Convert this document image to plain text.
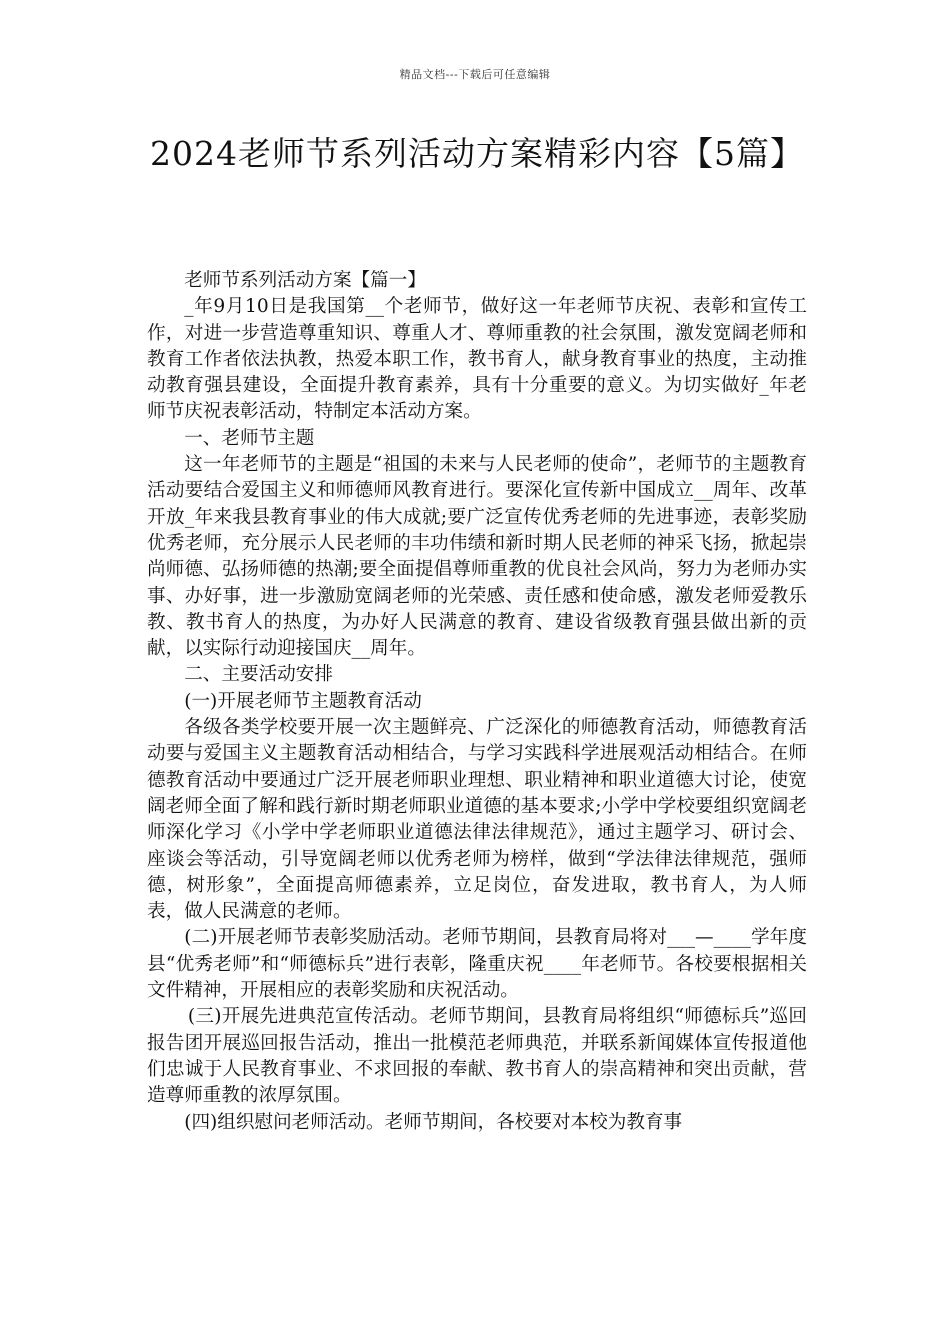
精品文档---下载后可任意编辑
2024老师节系列活动方案精彩内容【5篇】

老师节系列活动方案【篇一】

_年9月10日是我国第__个老师节，做好这一年老师节庆祝、表彰和宣传工作，对进一步营造尊重知识、尊重人才、尊师重教的社会氛围，激发宽阔老师和教育工作者依法执教，热爱本职工作，教书育人，献身教育事业的热度，主动推动教育强县建设，全面提升教育素养，具有十分重要的意义。为切实做好_年老师节庆祝表彰活动，特制定本活动方案。

一、老师节主题

这一年老师节的主题是“祖国的未来与人民老师的使命”，老师节的主题教育活动要结合爱国主义和师德师风教育进行。要深化宣传新中国成立__周年、改革开放_年来我县教育事业的伟大成就;要广泛宣传优秀老师的先进事迹，表彰奖励优秀老师，充分展示人民老师的丰功伟绩和新时期人民老师的神采飞扬，掀起崇尚师德、弘扬师德的热潮;要全面提倡尊师重教的优良社会风尚，努力为老师办实事、办好事，进一步激励宽阔老师的光荣感、责任感和使命感，激发老师爱教乐教、教书育人的热度，为办好人民满意的教育、建设省级教育强县做出新的贡献，以实际行动迎接国庆__周年。

二、主要活动安排

(一)开展老师节主题教育活动

各级各类学校要开展一次主题鲜亮、广泛深化的师德教育活动，师德教育活动要与爱国主义主题教育活动相结合，与学习实践科学进展观活动相结合。在师德教育活动中要通过广泛开展老师职业理想、职业精神和职业道德大讨论，使宽阔老师全面了解和践行新时期老师职业道德的基本要求;小学中学校要组织宽阔老师深化学习《小学中学老师职业道德法律法律规范》，通过主题学习、研讨会、座谈会等活动，引导宽阔老师以优秀老师为榜样，做到“学法律法律规范，强师德，树形象”，全面提高师德素养，立足岗位，奋发进取，教书育人，为人师表，做人民满意的老师。

(二)开展老师节表彰奖励活动。老师节期间，县教育局将对___—____学年度县“优秀老师”和“师德标兵”进行表彰，隆重庆祝____年老师节。各校要根据相关文件精神，开展相应的表彰奖励和庆祝活动。

(三)开展先进典范宣传活动。老师节期间，县教育局将组织“师德标兵”巡回报告团开展巡回报告活动，推出一批模范老师典范，并联系新闻媒体宣传报道他们忠诚于人民教育事业、不求回报的奉献、教书育人的崇高精神和突出贡献，营造尊师重教的浓厚氛围。

(四)组织慰问老师活动。老师节期间，各校要对本校为教育事
